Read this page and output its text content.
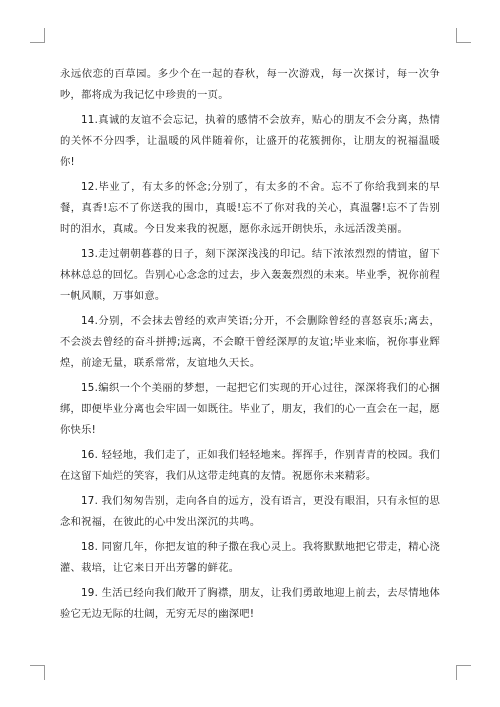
永远依恋的百草园。多少个在一起的春秋，每一次游戏，每一次探讨，每一次争吵，都将成为我记忆中珍贵的一页。

11.真诚的友谊不会忘记，执着的感情不会放弃，贴心的朋友不会分离，热情的关怀不分四季，让温暖的风伴随着你，让盛开的花簇拥你，让朋友的祝福温暖你!

12.毕业了，有太多的怀念;分别了，有太多的不舍。忘不了你给我到来的早餐，真香!忘不了你送我的围巾，真暖!忘不了你对我的关心，真温馨!忘不了告别时的泪水，真咸。今日发来我的祝愿，愿你永远开朗快乐，永远活泼美丽。

13.走过朝朝暮暮的日子，刻下深深浅浅的印记。结下浓浓烈烈的情谊，留下林林总总的回忆。告别心心念念的过去，步入轰轰烈烈的未来。毕业季，祝你前程一帆风顺，万事如意。

14.分别，不会抹去曾经的欢声笑语;分开，不会删除曾经的喜怒哀乐;离去，不会淡去曾经的奋斗拼搏;远离，不会瞭干曾经深厚的友谊;毕业来临，祝你事业辉煌，前途无量，联系常常，友谊地久天长。

15.编织一个个美丽的梦想，一起把它们实现的开心过往，深深将我们的心捆绑，即便毕业分离也会牢固一如既往。毕业了，朋友，我们的心一直会在一起，愿你快乐!

16. 轻轻地，我们走了，正如我们轻轻地来。挥挥手，作别青青的校园。我们在这留下灿烂的笑容，我们从这带走纯真的友情。祝愿你未来精彩。

17. 我们匆匆告别，走向各自的远方，没有语言，更没有眼泪，只有永恒的思念和祝福，在彼此的心中发出深沉的共鸣。

18. 同窗几年，你把友谊的种子撒在我心灵上。我将默默地把它带走，精心浇灌、栽培，让它来日开出芳馨的鲜花。

19. 生活已经向我们敞开了胸襟，朋友，让我们勇敢地迎上前去，去尽情地体验它无边无际的壮阔，无穷无尽的幽深吧!
